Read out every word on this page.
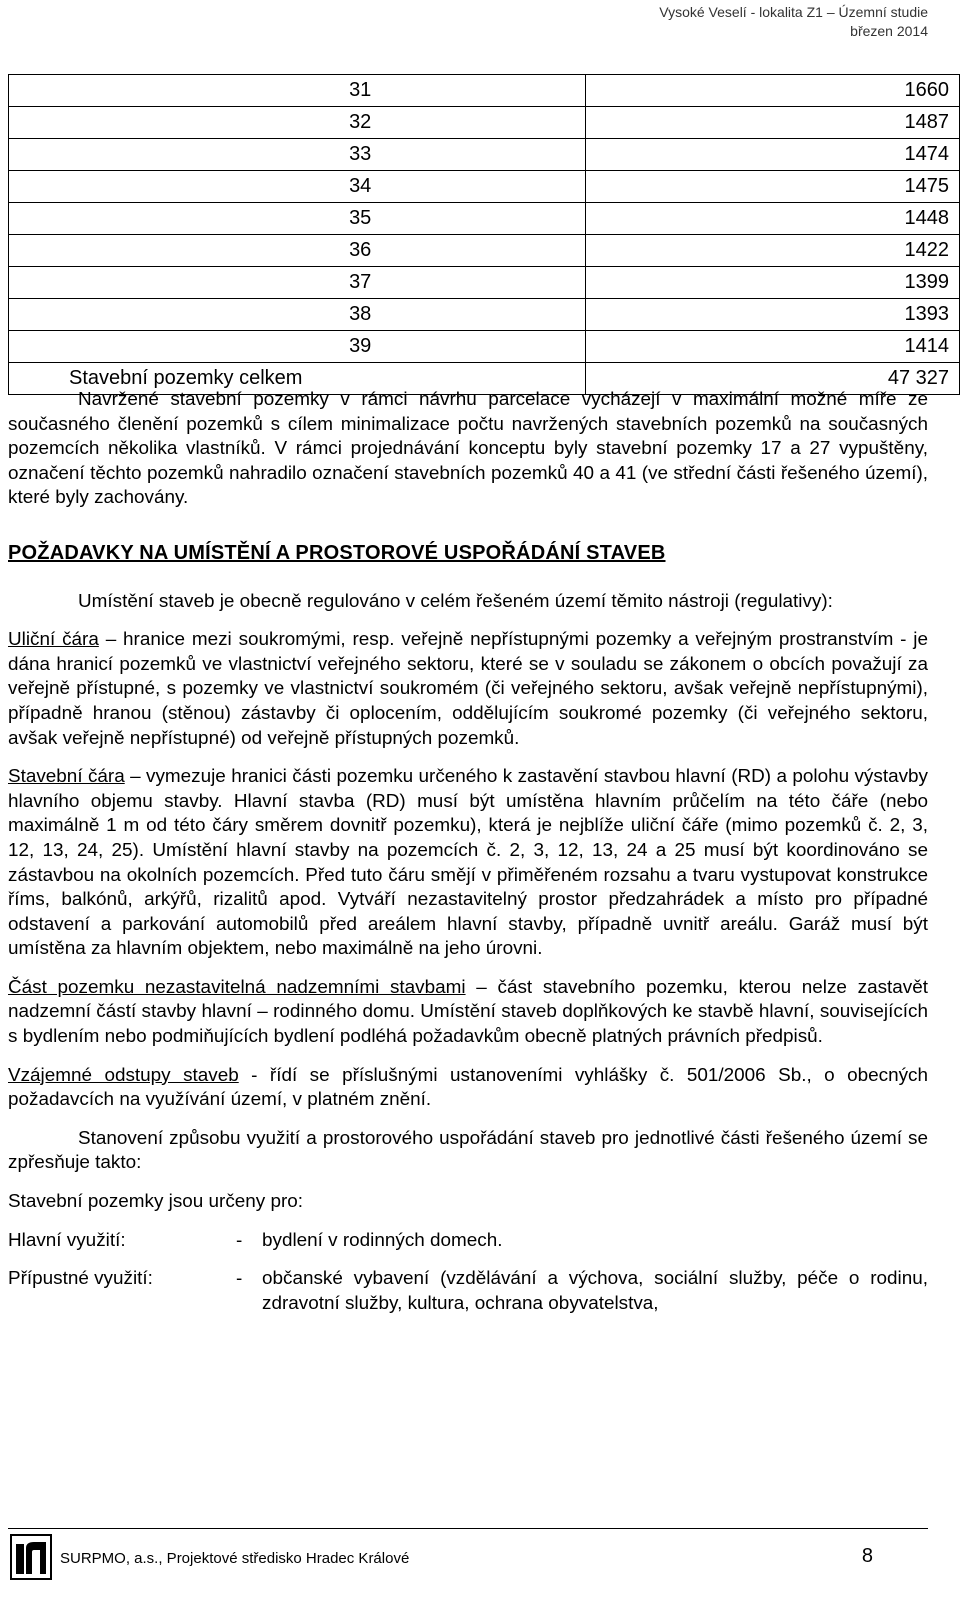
Vysoké Veselí - lokalita Z1 – Územní studie
březen 2014
31	1660
32	1487
33	1474
34	1475
35	1448
36	1422
37	1399
38	1393
39	1414
Stavební pozemky celkem	47 327

Navržené stavební pozemky v rámci návrhu parcelace vycházejí v maximální možné míře ze současného členění pozemků s cílem minimalizace počtu navržených stavebních pozemků na současných pozemcích několika vlastníků. V rámci projednávání konceptu byly stavební pozemky 17 a 27 vypuštěny, označení těchto pozemků nahradilo označení stavebních pozemků 40 a 41 (ve střední části řešeného území), které byly zachovány.

POŽADAVKY NA UMÍSTĚNÍ A PROSTOROVÉ USPOŘÁDÁNÍ STAVEB

Umístění staveb je obecně regulováno v celém řešeném území těmito nástroji (regulativy):

Uliční čára – hranice mezi soukromými, resp. veřejně nepřístupnými pozemky a veřejným prostranstvím - je dána hranicí pozemků ve vlastnictví veřejného sektoru, které se v souladu se zákonem o obcích považují za veřejně přístupné, s pozemky ve vlastnictví soukromém (či veřejného sektoru, avšak veřejně nepřístupnými), případně hranou (stěnou) zástavby či oplocením, oddělujícím soukromé pozemky (či veřejného sektoru, avšak veřejně nepřístupné) od veřejně přístupných pozemků.

Stavební čára – vymezuje hranici části pozemku určeného k zastavění stavbou hlavní (RD) a polohu výstavby hlavního objemu stavby. Hlavní stavba (RD) musí být umístěna hlavním průčelím na této čáře (nebo maximálně 1 m od této čáry směrem dovnitř pozemku), která je nejblíže uliční čáře (mimo pozemků č. 2, 3, 12, 13, 24, 25). Umístění hlavní stavby na pozemcích č. 2, 3, 12, 13, 24 a 25 musí být koordinováno se zástavbou na okolních pozemcích. Před tuto čáru smějí v přiměřeném rozsahu a tvaru vystupovat konstrukce říms, balkónů, arkýřů, rizalitů apod. Vytváří nezastavitelný prostor předzahrádek a místo pro případné odstavení a parkování automobilů před areálem hlavní stavby, případně uvnitř areálu. Garáž musí být umístěna za hlavním objektem, nebo maximálně na jeho úrovni.

Část pozemku nezastavitelná nadzemními stavbami – část stavebního pozemku, kterou nelze zastavět nadzemní částí stavby hlavní – rodinného domu. Umístění staveb doplňkových ke stavbě hlavní, souvisejících s bydlením nebo podmiňujících bydlení podléhá požadavkům obecně platných právních předpisů.

Vzájemné odstupy staveb - řídí se příslušnými ustanoveními vyhlášky č. 501/2006 Sb., o obecných požadavcích na využívání území, v platném znění.

Stanovení způsobu využití a prostorového uspořádání staveb pro jednotlivé části řešeného území se zpřesňuje takto:

Stavební pozemky jsou určeny pro:

Hlavní využití:	-	bydlení v rodinných domech.
Přípustné využití:	-	občanské vybavení (vzdělávání a výchova, sociální služby, péče o rodinu, zdravotní služby, kultura, ochrana obyvatelstva,
SURPMO, a.s., Projektové středisko Hradec Králové	8
